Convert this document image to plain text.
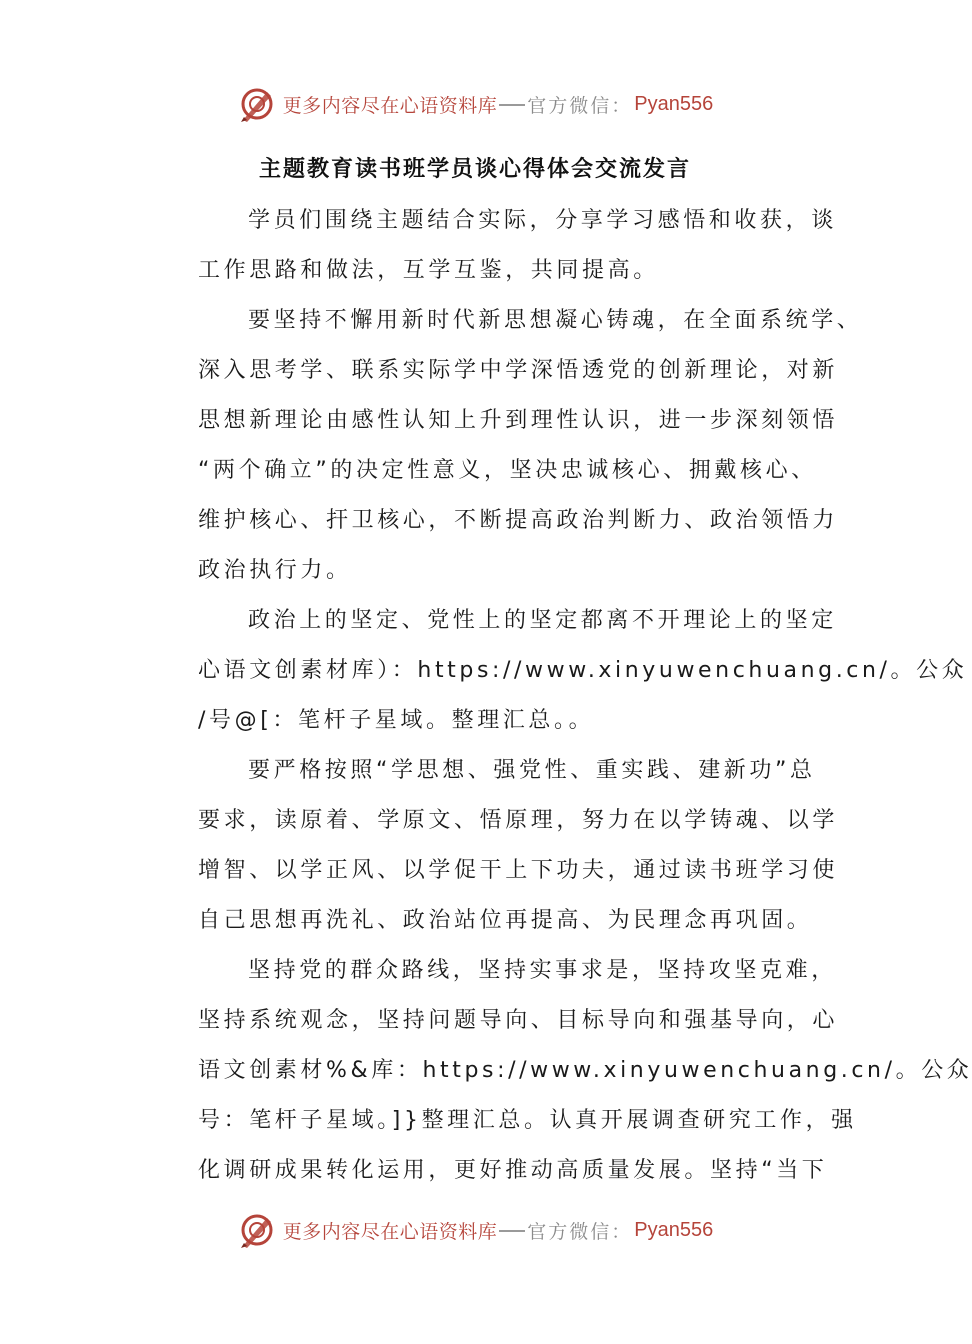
更多内容尽在心语资料库 官方微信： Pyan556
主题教育读书班学员谈心得体会交流发言
学员们围绕主题结合实际，分享学习感悟和收获，谈
工作思路和做法，互学互鉴，共同提高。
要坚持不懈用新时代新思想凝心铸魂，在全面系统学、
深入思考学、联系实际学中学深悟透党的创新理论，对新
思想新理论由感性认知上升到理性认识，进一步深刻领悟
“两个确立”的决定性意义，坚决忠诚核心、拥戴核心、
维护核心、扞卫核心，不断提高政治判断力、政治领悟力
政治执行力。
政治上的坚定、党性上的坚定都离不开理论上的坚定
心语文创素材库）：https://www.xinyuwenchuang.cn/。公众
/号@[：笔杆子星域。整理汇总。。
要严格按照“学思想、强党性、重实践、建新功”总
要求，读原着、学原文、悟原理，努力在以学铸魂、以学
增智、以学正风、以学促干上下功夫，通过读书班学习使
自己思想再洗礼、政治站位再提高、为民理念再巩固。
坚持党的群众路线，坚持实事求是，坚持攻坚克难，
坚持系统观念，坚持问题导向、目标导向和强基导向，心
语文创素材%&库：https://www.xinyuwenchuang.cn/。公众
号：笔杆子星域。]}整理汇总。认真开展调查研究工作，强
化调研成果转化运用，更好推动高质量发展。坚持“当下
更多内容尽在心语资料库 官方微信： Pyan556
